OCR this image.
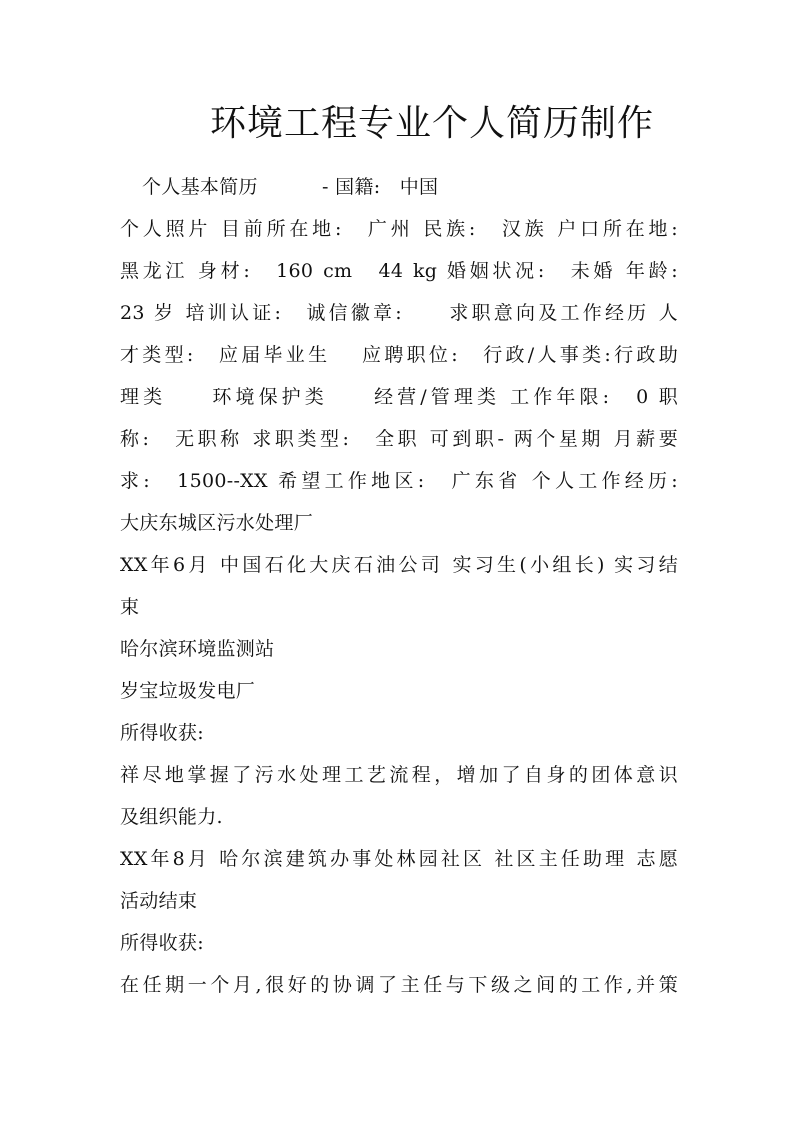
环境工程专业个人简历制作
个人基本简历　　　 - 国籍:　中国
个人照片 目前所在地:　广州 民族:　汉族 户口所在地:
黑龙江 身材:　160 cm　44 kg 婚姻状况:　未婚 年龄:
23 岁 培训认证:　诚信徽章:　　求职意向及工作经历 人
才类型:　应届毕业生　 应聘职位:　行政/人事类:行政助
理类　　环境保护类　　经营/管理类 工作年限:　0 职
称:　无职称 求职类型:　全职 可到职- 两个星期 月薪要
求:　1500--XX 希望工作地区:　广东省 个人工作经历:
大庆东城区污水处理厂
XX年6月 中国石化大庆石油公司 实习生(小组长) 实习结
束
哈尔滨环境监测站
岁宝垃圾发电厂
所得收获:
祥尽地掌握了污水处理工艺流程，增加了自身的团体意识
及组织能力.
XX年8月 哈尔滨建筑办事处林园社区 社区主任助理 志愿
活动结束
所得收获:
在任期一个月,很好的协调了主任与下级之间的工作,并策
